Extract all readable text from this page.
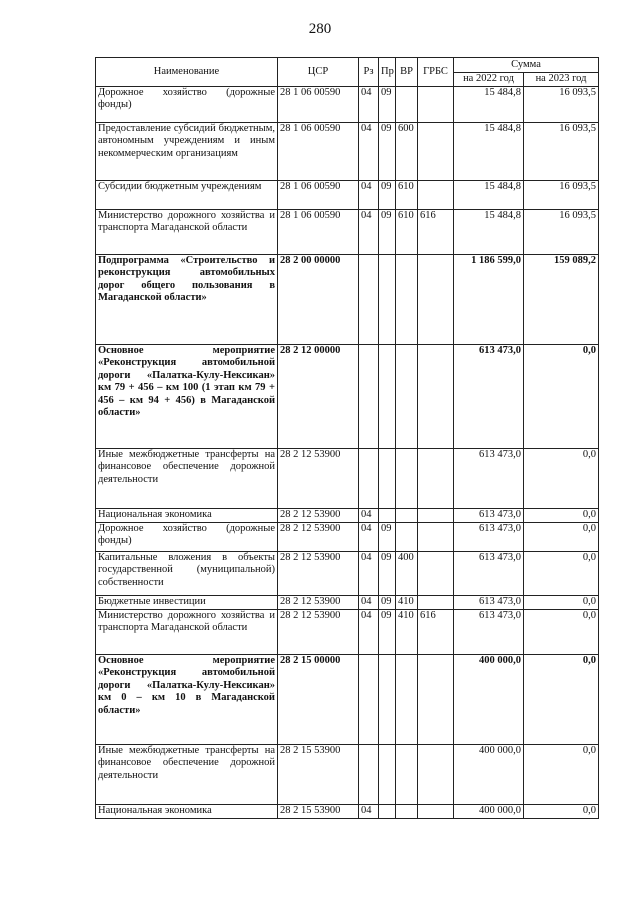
280
Наименование	ЦСР	Рз	Пр	ВР	ГРБС	Сумма	
						на 2022 год	на 2023 год
Дорожное хозяйство (дорожные фонды)	28 1 06 00590	04	09			15 484,8	16 093,5
Предоставление субсидий бюджетным, автономным учреждениям и иным некоммерческим организациям	28 1 06 00590	04	09	600		15 484,8	16 093,5
Субсидии бюджетным учреждениям	28 1 06 00590	04	09	610		15 484,8	16 093,5
Министерство дорожного хозяйства и транспорта Магаданской области	28 1 06 00590	04	09	610	616	15 484,8	16 093,5
Подпрограмма «Строительство и реконструкция автомобильных дорог общего пользования в Магаданской области»	28 2 00 00000					1 186 599,0	159 089,2
Основное мероприятие «Реконструкция автомобильной дороги «Палатка-Кулу-Нексикан» км 79 + 456 – км 100 (1 этап км 79 + 456 – км 94 + 456) в Магаданской области»	28 2 12 00000					613 473,0	0,0
Иные межбюджетные трансферты на финансовое обеспечение дорожной деятельности	28 2 12 53900					613 473,0	0,0
Национальная экономика	28 2 12 53900	04				613 473,0	0,0
Дорожное хозяйство (дорожные фонды)	28 2 12 53900	04	09			613 473,0	0,0
Капитальные вложения в объекты государственной (муниципальной) собственности	28 2 12 53900	04	09	400		613 473,0	0,0
Бюджетные инвестиции	28 2 12 53900	04	09	410		613 473,0	0,0
Министерство дорожного хозяйства и транспорта Магаданской области	28 2 12 53900	04	09	410	616	613 473,0	0,0
Основное мероприятие «Реконструкция автомобильной дороги «Палатка-Кулу-Нексикан» км 0 – км 10 в Магаданской области»	28 2 15 00000					400 000,0	0,0
Иные межбюджетные трансферты на финансовое обеспечение дорожной деятельности	28 2 15 53900					400 000,0	0,0
Национальная экономика	28 2 15 53900	04				400 000,0	0,0
